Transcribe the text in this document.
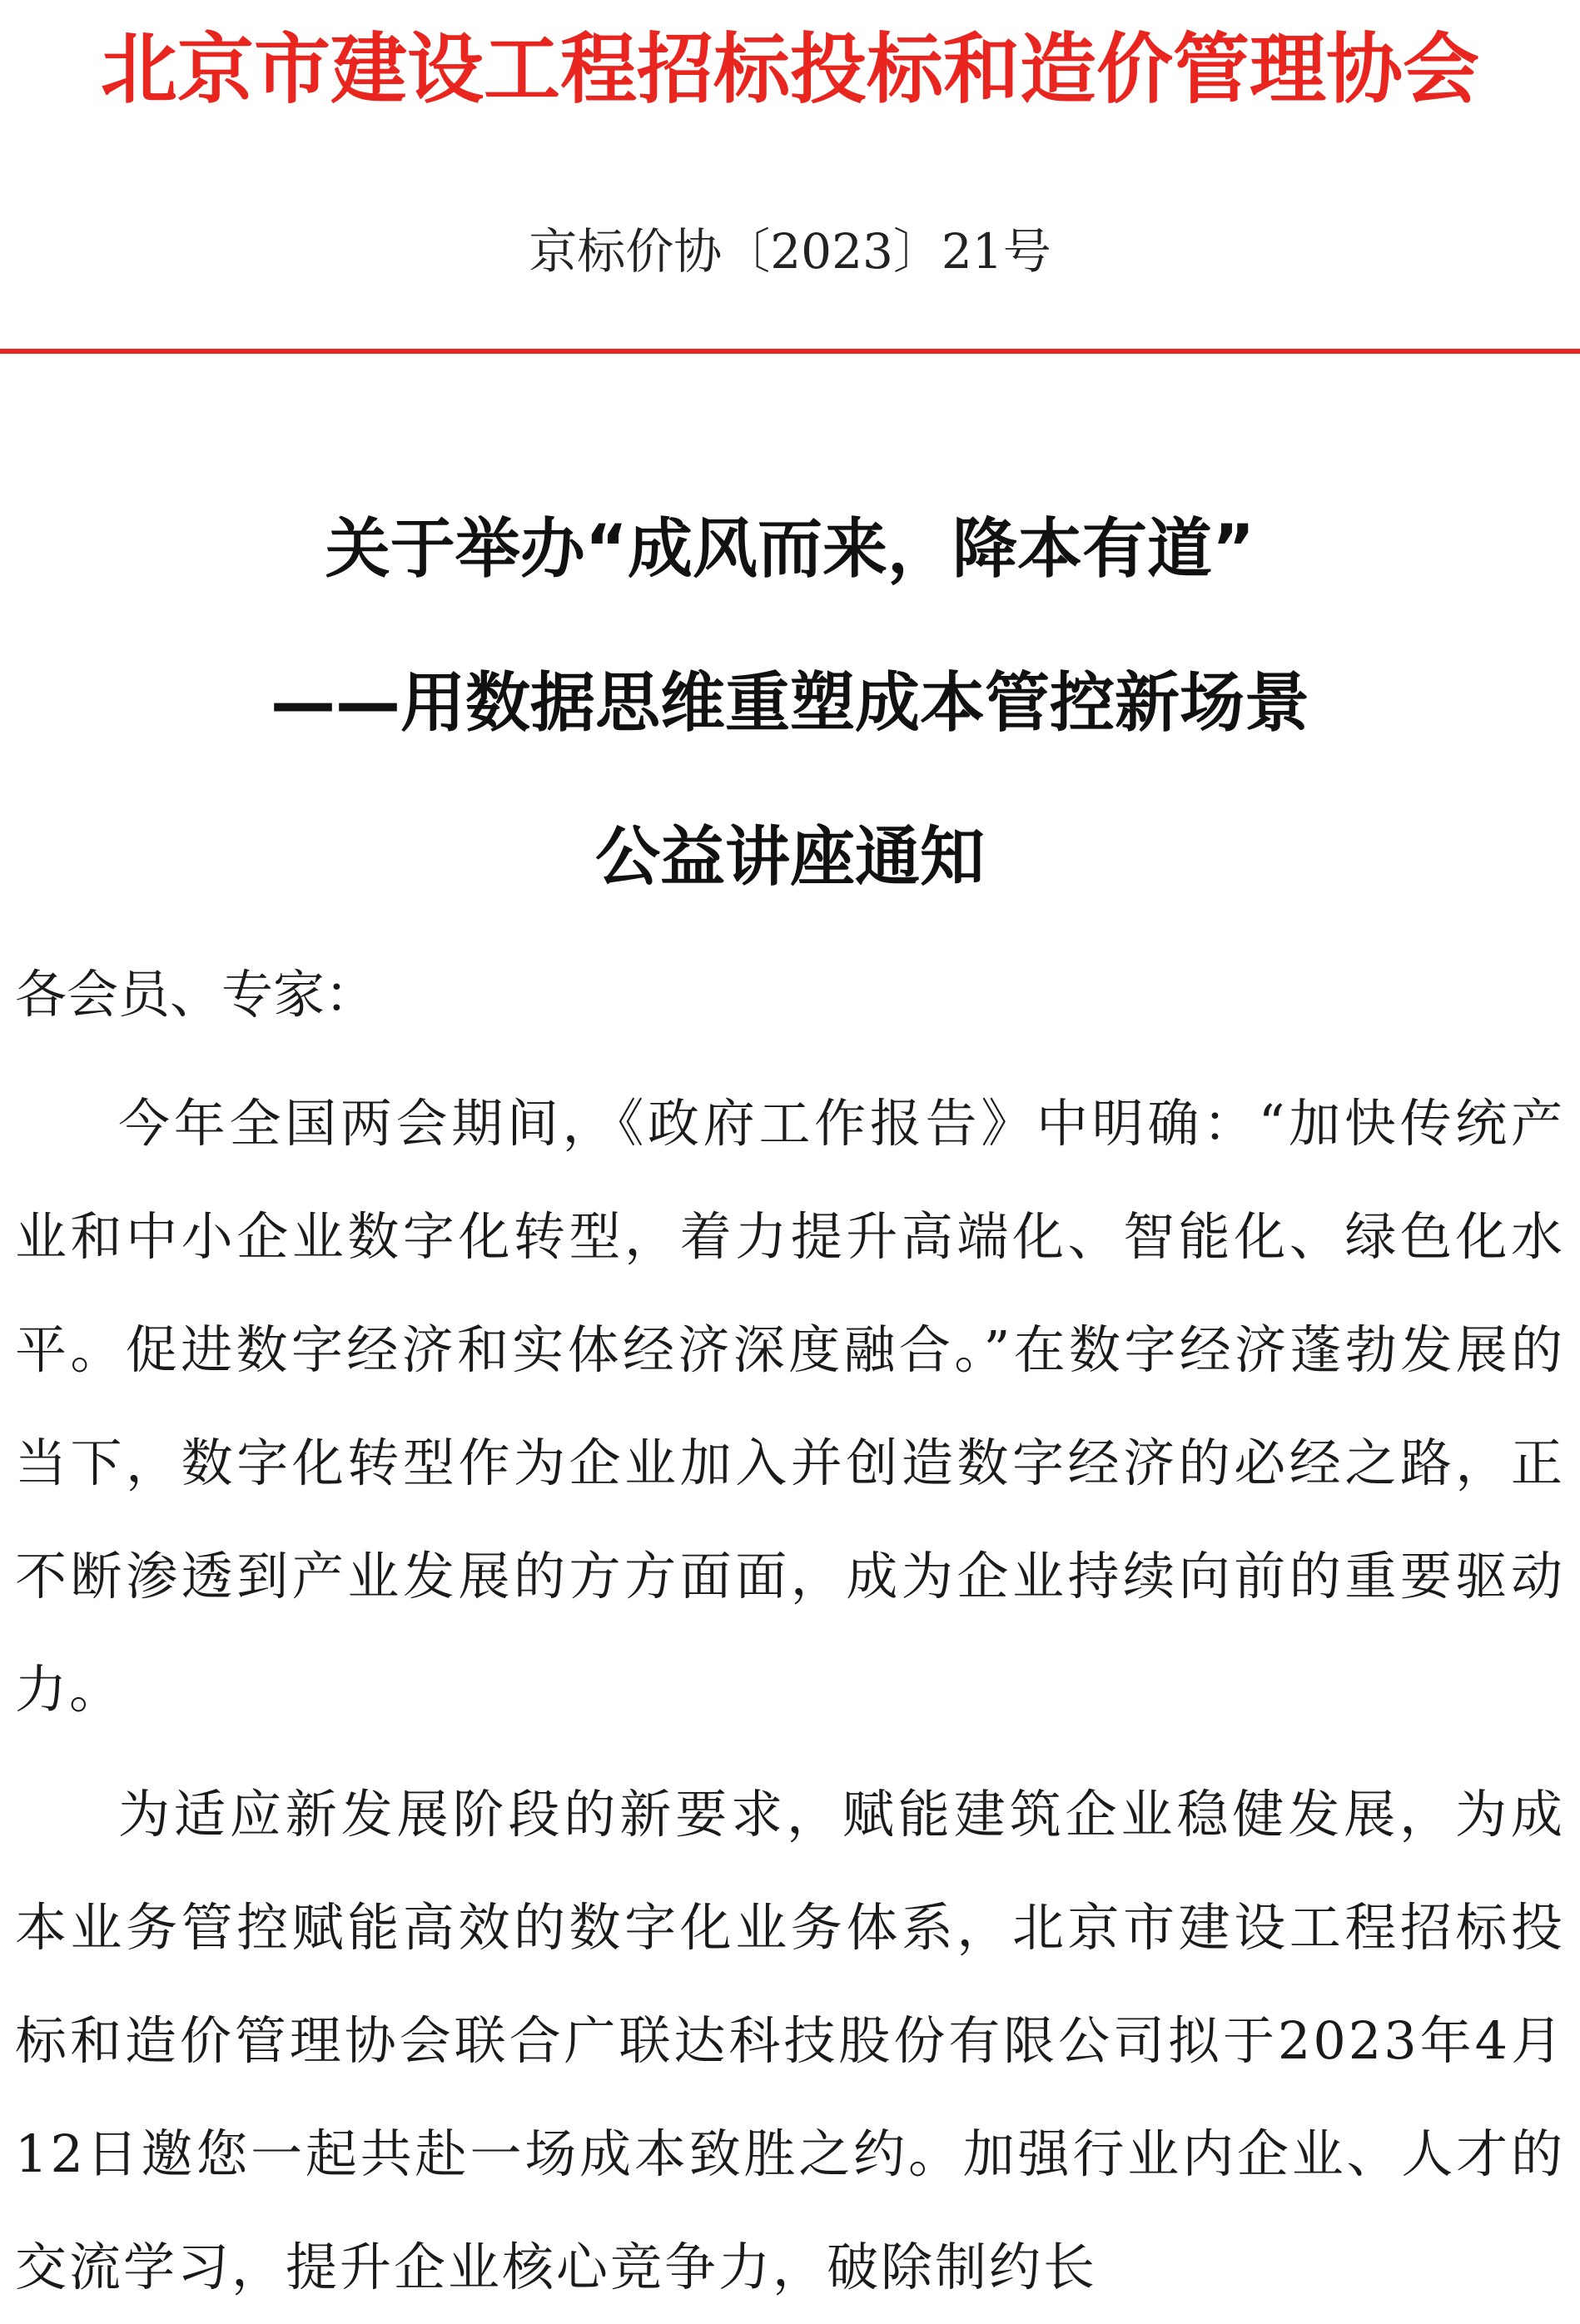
北京市建设工程招标投标和造价管理协会
京标价协〔2023〕21号
关于举办“成风而来，降本有道”
——用数据思维重塑成本管控新场景
公益讲座通知
各会员、专家：

今年全国两会期间，《政府工作报告》中明确：“加快传统产业和中小企业数字化转型，着力提升高端化、智能化、绿色化水平。促进数字经济和实体经济深度融合。”在数字经济蓬勃发展的当下，数字化转型作为企业加入并创造数字经济的必经之路，正不断渗透到产业发展的方方面面，成为企业持续向前的重要驱动力。

为适应新发展阶段的新要求，赋能建筑企业稳健发展，为成本业务管控赋能高效的数字化业务体系，北京市建设工程招标投标和造价管理协会联合广联达科技股份有限公司拟于2023年4月12日邀您一起共赴一场成本致胜之约。加强行业内企业、人才的交流学习，提升企业核心竞争力，破除制约长
